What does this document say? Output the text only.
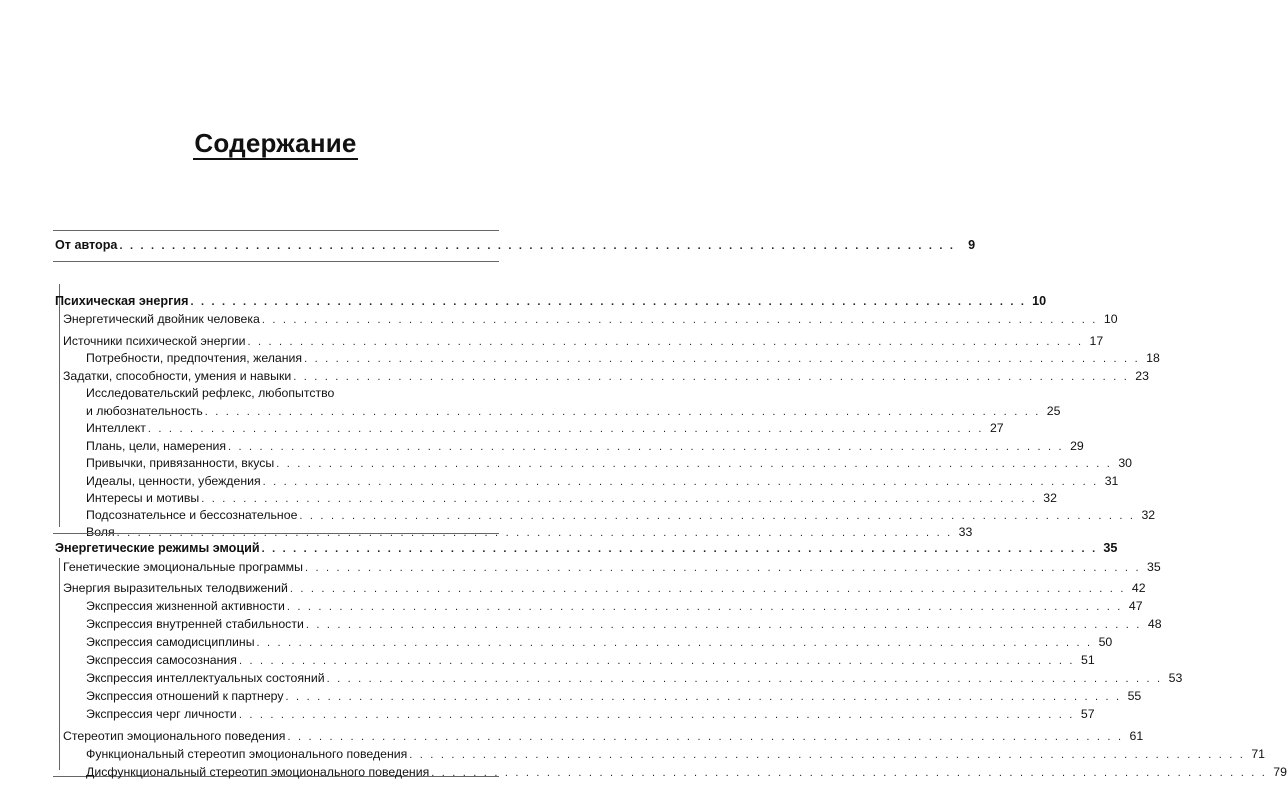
Содержание
От автора . . . . . . . . . . . . . . . . . . . . . . . . . . . . . . . . . . . . . . . . . . . . . . . . . . . . . . . . . . . . . . . . . . . . . . . . . . . . . . . .	9
Психическая энергия . . . . . . . . . . . . . . . . . . . . . . . . . . . . . . . . . . . . . . . . . . . . . . . . . . . . . . . . . . . . . . . . . . . . . . . . . . . . . . . . 10
Энергетический двойник человека . . . . . . . . . . . . . . . . . . . . . . . . . . . . . . . . . . . . . . . . . . . . . . . . . . . . . . . . . . . . . . . . . . . . . . . . . . . . . . . . 10
Источники психической энергии . . . . . . . . . . . . . . . . . . . . . . . . . . . . . . . . . . . . . . . . . . . . . . . . . . . . . . . . . . . . . . . . . . . . . . . . . . . . . . . . 17
Потребности, предпочтения, желания . . . . . . . . . . . . . . . . . . . . . . . . . . . . . . . . . . . . . . . . . . . . . . . . . . . . . . . . . . . . . . . . . . . . . . . . . . . . . . . . 18
Задатки, способности, умения и навыки . . . . . . . . . . . . . . . . . . . . . . . . . . . . . . . . . . . . . . . . . . . . . . . . . . . . . . . . . . . . . . . . . . . . . . . . . . . . . . . . 23
Исследовательский рефлекс, любопытство
и любознательность . . . . . . . . . . . . . . . . . . . . . . . . . . . . . . . . . . . . . . . . . . . . . . . . . . . . . . . . . . . . . . . . . . . . . . . . . . . . . . . . 25
Интеллект . . . . . . . . . . . . . . . . . . . . . . . . . . . . . . . . . . . . . . . . . . . . . . . . . . . . . . . . . . . . . . . . . . . . . . . . . . . . . . . . 27
Плань, цели, намерения . . . . . . . . . . . . . . . . . . . . . . . . . . . . . . . . . . . . . . . . . . . . . . . . . . . . . . . . . . . . . . . . . . . . . . . . . . . . . . . . 29
Привычки, привязанности, вкусы . . . . . . . . . . . . . . . . . . . . . . . . . . . . . . . . . . . . . . . . . . . . . . . . . . . . . . . . . . . . . . . . . . . . . . . . . . . . . . . . 30
Идеалы, ценности, убеждения . . . . . . . . . . . . . . . . . . . . . . . . . . . . . . . . . . . . . . . . . . . . . . . . . . . . . . . . . . . . . . . . . . . . . . . . . . . . . . . . 31
Интересы и мотивы . . . . . . . . . . . . . . . . . . . . . . . . . . . . . . . . . . . . . . . . . . . . . . . . . . . . . . . . . . . . . . . . . . . . . . . . . . . . . . . . 32
Подсознательнсе и бессознательное . . . . . . . . . . . . . . . . . . . . . . . . . . . . . . . . . . . . . . . . . . . . . . . . . . . . . . . . . . . . . . . . . . . . . . . . . . . . . . . . 32
Воля . . . . . . . . . . . . . . . . . . . . . . . . . . . . . . . . . . . . . . . . . . . . . . . . . . . . . . . . . . . . . . . . . . . . . . . . . . . . . . . . 33
Энергетические режимы эмоций . . . . . . . . . . . . . . . . . . . . . . . . . . . . . . . . . . . . . . . . . . . . . . . . . . . . . . . . . . . . . . . . . . . . . . . . . . . . . . . . 35
Генетические эмоциональные программы . . . . . . . . . . . . . . . . . . . . . . . . . . . . . . . . . . . . . . . . . . . . . . . . . . . . . . . . . . . . . . . . . . . . . . . . . . . . . . . . 35
Энергия выразительных телодвижений . . . . . . . . . . . . . . . . . . . . . . . . . . . . . . . . . . . . . . . . . . . . . . . . . . . . . . . . . . . . . . . . . . . . . . . . . . . . . . . . 42
Экспрессия жизненной активности . . . . . . . . . . . . . . . . . . . . . . . . . . . . . . . . . . . . . . . . . . . . . . . . . . . . . . . . . . . . . . . . . . . . . . . . . . . . . . . . 47
Экспрессия внутренней стабильности . . . . . . . . . . . . . . . . . . . . . . . . . . . . . . . . . . . . . . . . . . . . . . . . . . . . . . . . . . . . . . . . . . . . . . . . . . . . . . . . 48
Экспрессия самодисциплины . . . . . . . . . . . . . . . . . . . . . . . . . . . . . . . . . . . . . . . . . . . . . . . . . . . . . . . . . . . . . . . . . . . . . . . . . . . . . . . . 50
Экспрессия самосознания . . . . . . . . . . . . . . . . . . . . . . . . . . . . . . . . . . . . . . . . . . . . . . . . . . . . . . . . . . . . . . . . . . . . . . . . . . . . . . . . 51
Экспрессия интеллектуальных состояний . . . . . . . . . . . . . . . . . . . . . . . . . . . . . . . . . . . . . . . . . . . . . . . . . . . . . . . . . . . . . . . . . . . . . . . . . . . . . . . . 53
Экспрессия отношений к партнеру . . . . . . . . . . . . . . . . . . . . . . . . . . . . . . . . . . . . . . . . . . . . . . . . . . . . . . . . . . . . . . . . . . . . . . . . . . . . . . . . 55
Экспрессия черг личности . . . . . . . . . . . . . . . . . . . . . . . . . . . . . . . . . . . . . . . . . . . . . . . . . . . . . . . . . . . . . . . . . . . . . . . . . . . . . . . . 57
Стереотип эмоционального поведения . . . . . . . . . . . . . . . . . . . . . . . . . . . . . . . . . . . . . . . . . . . . . . . . . . . . . . . . . . . . . . . . . . . . . . . . . . . . . . . . 61
Функциональный стереотип эмоционального поведения . . . . . . . . . . . . . . . . . . . . . . . . . . . . . . . . . . . . . . . . . . . . . . . . . . . . . . . . . . . . . . . . . . . . . . . . . . . . . . . . 71
Дисфункциональный стереотип эмоционального поведения . . . . . . . . . . . . . . . . . . . . . . . . . . . . . . . . . . . . . . . . . . . . . . . . . . . . . . . . . . . . . . . . . . . . . . . . . . . . . . . . 79
